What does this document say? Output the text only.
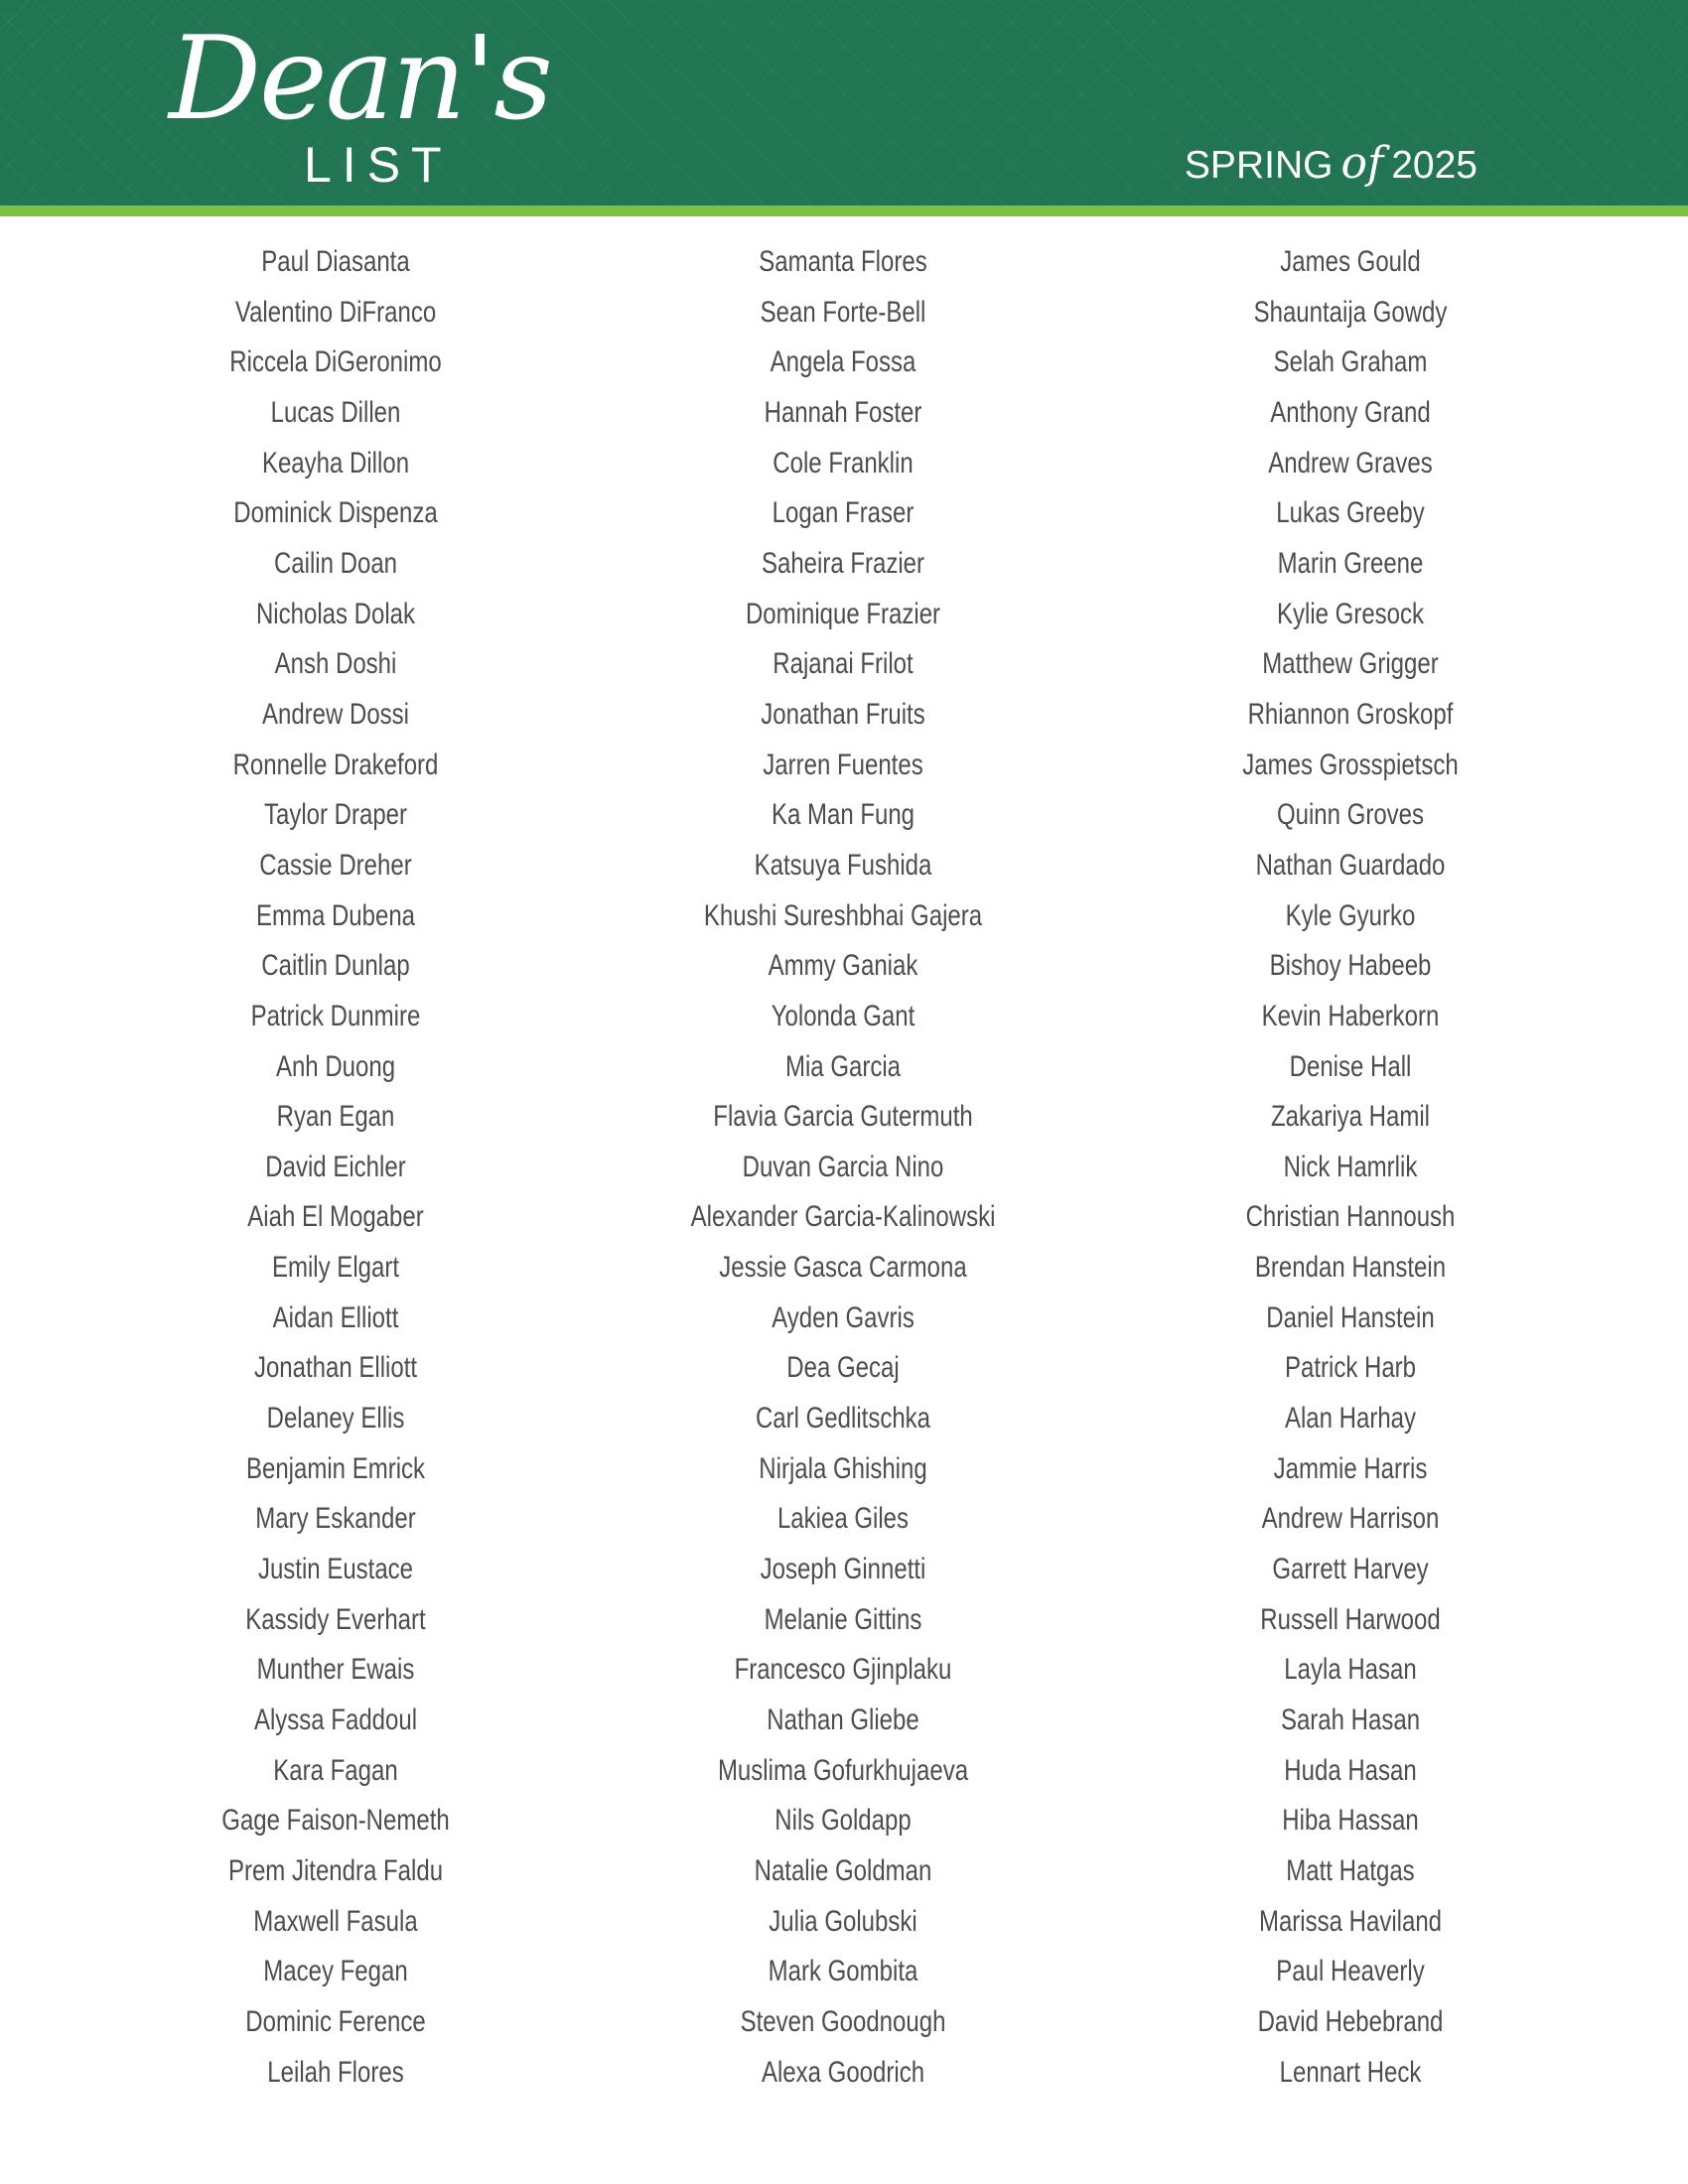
Dean's
LIST	SPRING of 2025
Paul Diasanta
Valentino DiFranco
Riccela DiGeronimo
Lucas Dillen
Keayha Dillon
Dominick Dispenza
Cailin Doan
Nicholas Dolak
Ansh Doshi
Andrew Dossi
Ronnelle Drakeford
Taylor Draper
Cassie Dreher
Emma Dubena
Caitlin Dunlap
Patrick Dunmire
Anh Duong
Ryan Egan
David Eichler
Aiah El Mogaber
Emily Elgart
Aidan Elliott
Jonathan Elliott
Delaney Ellis
Benjamin Emrick
Mary Eskander
Justin Eustace
Kassidy Everhart
Munther Ewais
Alyssa Faddoul
Kara Fagan
Gage Faison-Nemeth
Prem Jitendra Faldu
Maxwell Fasula
Macey Fegan
Dominic Ference
Leilah Flores
Samanta Flores
Sean Forte-Bell
Angela Fossa
Hannah Foster
Cole Franklin
Logan Fraser
Saheira Frazier
Dominique Frazier
Rajanai Frilot
Jonathan Fruits
Jarren Fuentes
Ka Man Fung
Katsuya Fushida
Khushi Sureshbhai Gajera
Ammy Ganiak
Yolonda Gant
Mia Garcia
Flavia Garcia Gutermuth
Duvan Garcia Nino
Alexander Garcia-Kalinowski
Jessie Gasca Carmona
Ayden Gavris
Dea Gecaj
Carl Gedlitschka
Nirjala Ghishing
Lakiea Giles
Joseph Ginnetti
Melanie Gittins
Francesco Gjinplaku
Nathan Gliebe
Muslima Gofurkhujaeva
Nils Goldapp
Natalie Goldman
Julia Golubski
Mark Gombita
Steven Goodnough
Alexa Goodrich
James Gould
Shauntaija Gowdy
Selah Graham
Anthony Grand
Andrew Graves
Lukas Greeby
Marin Greene
Kylie Gresock
Matthew Grigger
Rhiannon Groskopf
James Grosspietsch
Quinn Groves
Nathan Guardado
Kyle Gyurko
Bishoy Habeeb
Kevin Haberkorn
Denise Hall
Zakariya Hamil
Nick Hamrlik
Christian Hannoush
Brendan Hanstein
Daniel Hanstein
Patrick Harb
Alan Harhay
Jammie Harris
Andrew Harrison
Garrett Harvey
Russell Harwood
Layla Hasan
Sarah Hasan
Huda Hasan
Hiba Hassan
Matt Hatgas
Marissa Haviland
Paul Heaverly
David Hebebrand
Lennart Heck
